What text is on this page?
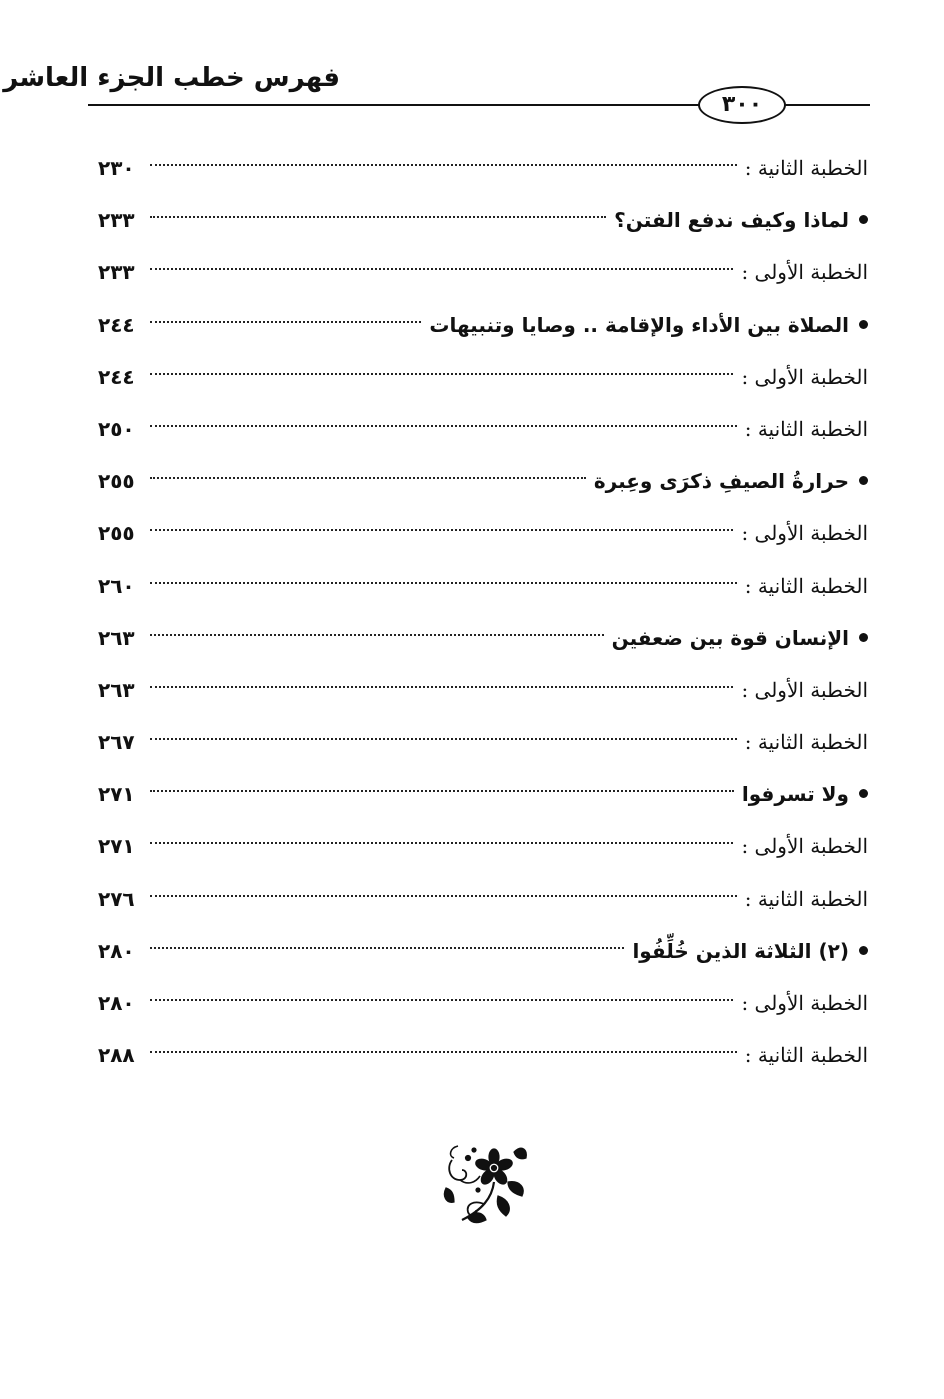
فهرس خطب الجزء العاشر
٣٠٠
الخطبة الثانية :
٢٣٠
لماذا وكيف ندفع الفتن؟
٢٣٣
الخطبة الأولى :
٢٣٣
الصلاة بين الأداء والإقامة .. وصايا وتنبيهات
٢٤٤
الخطبة الأولى :
٢٤٤
الخطبة الثانية :
٢٥٠
حرارةُ الصيفِ ذكرَى وعِبرة
٢٥٥
الخطبة الأولى :
٢٥٥
الخطبة الثانية :
٢٦٠
الإنسان قوة بين ضعفين
٢٦٣
الخطبة الأولى :
٢٦٣
الخطبة الثانية :
٢٦٧
ولا تسرفوا
٢٧١
الخطبة الأولى :
٢٧١
الخطبة الثانية :
٢٧٦
(٢) الثلاثة الذين خُلِّفُوا
٢٨٠
الخطبة الأولى :
٢٨٠
الخطبة الثانية :
٢٨٨
